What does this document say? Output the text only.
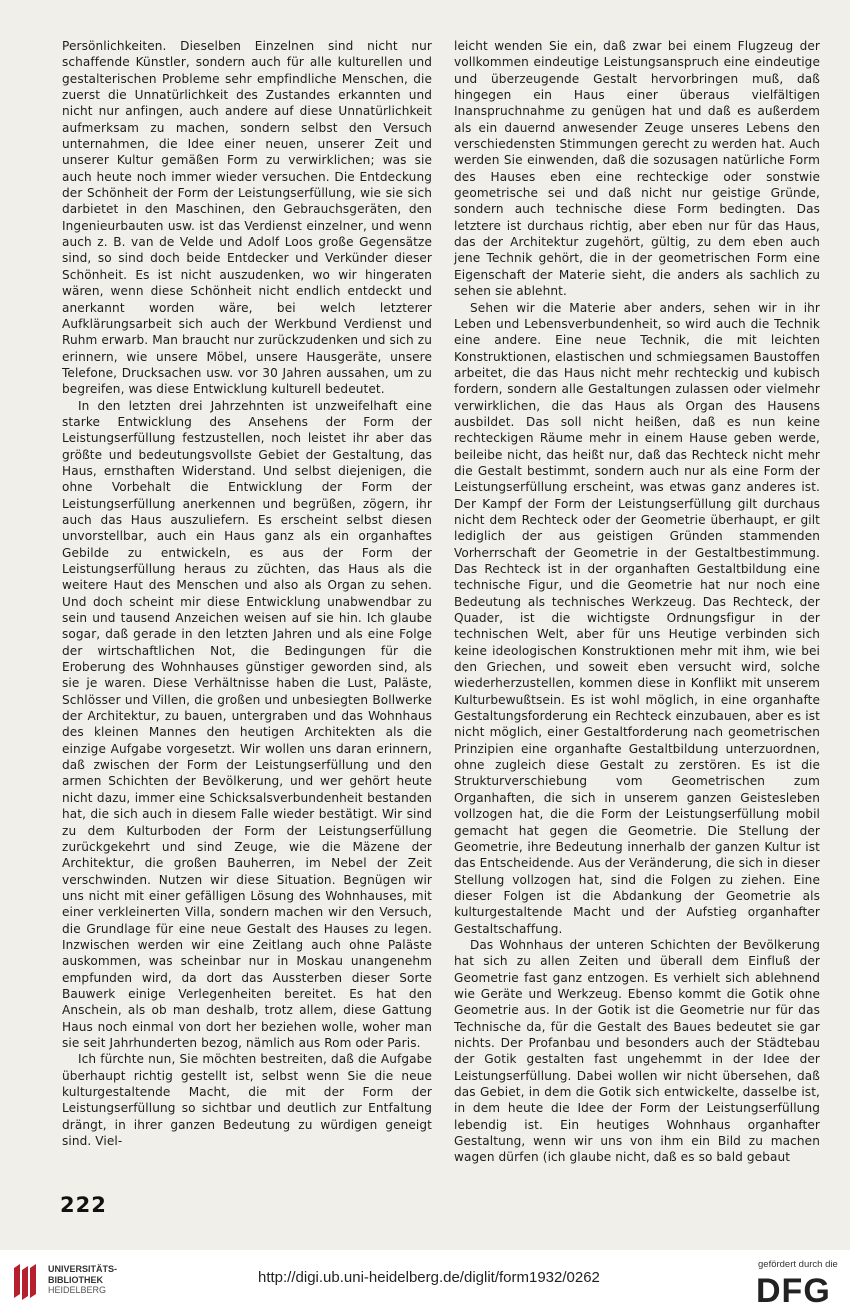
Persönlichkeiten. Dieselben Einzelnen sind nicht nur schaffende Künstler, sondern auch für alle kulturellen und gestalterischen Probleme sehr empfindliche Menschen, die zuerst die Unnatürlichkeit des Zustandes erkannten und nicht nur anfingen, auch andere auf diese Unnatürlichkeit aufmerksam zu machen, sondern selbst den Versuch unternahmen, die Idee einer neuen, unserer Zeit und unserer Kultur gemäßen Form zu verwirklichen; was sie auch heute noch immer wieder versuchen. Die Entdeckung der Schönheit der Form der Leistungserfüllung, wie sie sich darbietet in den Maschinen, den Gebrauchsgeräten, den Ingenieurbauten usw. ist das Verdienst einzelner, und wenn auch z. B. van de Velde und Adolf Loos große Gegensätze sind, so sind doch beide Entdecker und Verkünder dieser Schönheit. Es ist nicht auszudenken, wo wir hingeraten wären, wenn diese Schönheit nicht endlich entdeckt und anerkannt worden wäre, bei welch letzterer Aufklärungsarbeit sich auch der Werkbund Verdienst und Ruhm erwarb. Man braucht nur zurückzudenken und sich zu erinnern, wie unsere Möbel, unsere Hausgeräte, unsere Telefone, Drucksachen usw. vor 30 Jahren aussahen, um zu begreifen, was diese Entwicklung kulturell bedeutet.

In den letzten drei Jahrzehnten ist unzweifelhaft eine starke Entwicklung des Ansehens der Form der Leistungserfüllung festzustellen, noch leistet ihr aber das größte und bedeutungsvollste Gebiet der Gestaltung, das Haus, ernsthaften Widerstand. Und selbst diejenigen, die ohne Vorbehalt die Entwicklung der Form der Leistungserfüllung anerkennen und begrüßen, zögern, ihr auch das Haus auszuliefern. Es erscheint selbst diesen unvorstellbar, auch ein Haus ganz als ein organhaftes Gebilde zu entwickeln, es aus der Form der Leistungserfüllung heraus zu züchten, das Haus als die weitere Haut des Menschen und also als Organ zu sehen. Und doch scheint mir diese Entwicklung unabwendbar zu sein und tausend Anzeichen weisen auf sie hin. Ich glaube sogar, daß gerade in den letzten Jahren und als eine Folge der wirtschaftlichen Not, die Bedingungen für die Eroberung des Wohnhauses günstiger geworden sind, als sie je waren. Diese Verhältnisse haben die Lust, Paläste, Schlösser und Villen, die großen und unbesiegten Bollwerke der Architektur, zu bauen, untergraben und das Wohnhaus des kleinen Mannes den heutigen Architekten als die einzige Aufgabe vorgesetzt. Wir wollen uns daran erinnern, daß zwischen der Form der Leistungserfüllung und den armen Schichten der Bevölkerung, und wer gehört heute nicht dazu, immer eine Schicksalsverbundenheit bestanden hat, die sich auch in diesem Falle wieder bestätigt. Wir sind zu dem Kulturboden der Form der Leistungserfüllung zurückgekehrt und sind Zeuge, wie die Mäzene der Architektur, die großen Bauherren, im Nebel der Zeit verschwinden. Nutzen wir diese Situation. Begnügen wir uns nicht mit einer gefälligen Lösung des Wohnhauses, mit einer verkleinerten Villa, sondern machen wir den Versuch, die Grundlage für eine neue Gestalt des Hauses zu legen. Inzwischen werden wir eine Zeitlang auch ohne Paläste auskommen, was scheinbar nur in Moskau unangenehm empfunden wird, da dort das Aussterben dieser Sorte Bauwerk einige Verlegenheiten bereitet. Es hat den Anschein, als ob man deshalb, trotz allem, diese Gattung Haus noch einmal von dort her beziehen wolle, woher man sie seit Jahrhunderten bezog, nämlich aus Rom oder Paris.

Ich fürchte nun, Sie möchten bestreiten, daß die Aufgabe überhaupt richtig gestellt ist, selbst wenn Sie die neue kulturgestaltende Macht, die mit der Form der Leistungserfüllung so sichtbar und deutlich zur Entfaltung drängt, in ihrer ganzen Bedeutung zu würdigen geneigt sind. Viel-

leicht wenden Sie ein, daß zwar bei einem Flugzeug der vollkommen eindeutige Leistungsanspruch eine eindeutige und überzeugende Gestalt hervorbringen muß, daß hingegen ein Haus einer überaus vielfältigen Inanspruchnahme zu genügen hat und daß es außerdem als ein dauernd anwesender Zeuge unseres Lebens den verschiedensten Stimmungen gerecht zu werden hat. Auch werden Sie einwenden, daß die sozusagen natürliche Form des Hauses eben eine rechteckige oder sonstwie geometrische sei und daß nicht nur geistige Gründe, sondern auch technische diese Form bedingten. Das letztere ist durchaus richtig, aber eben nur für das Haus, das der Architektur zugehört, gültig, zu dem eben auch jene Technik gehört, die in der geometrischen Form eine Eigenschaft der Materie sieht, die anders als sachlich zu sehen sie ablehnt.

Sehen wir die Materie aber anders, sehen wir in ihr Leben und Lebensverbundenheit, so wird auch die Technik eine andere. Eine neue Technik, die mit leichten Konstruktionen, elastischen und schmiegsamen Baustoffen arbeitet, die das Haus nicht mehr rechteckig und kubisch fordern, sondern alle Gestaltungen zulassen oder vielmehr verwirklichen, die das Haus als Organ des Hausens ausbildet. Das soll nicht heißen, daß es nun keine rechteckigen Räume mehr in einem Hause geben werde, beileibe nicht, das heißt nur, daß das Rechteck nicht mehr die Gestalt bestimmt, sondern auch nur als eine Form der Leistungserfüllung erscheint, was etwas ganz anderes ist. Der Kampf der Form der Leistungserfüllung gilt durchaus nicht dem Rechteck oder der Geometrie überhaupt, er gilt lediglich der aus geistigen Gründen stammenden Vorherrschaft der Geometrie in der Gestaltbestimmung. Das Rechteck ist in der organhaften Gestaltbildung eine technische Figur, und die Geometrie hat nur noch eine Bedeutung als technisches Werkzeug. Das Rechteck, der Quader, ist die wichtigste Ordnungsfigur in der technischen Welt, aber für uns Heutige verbinden sich keine ideologischen Konstruktionen mehr mit ihm, wie bei den Griechen, und soweit eben versucht wird, solche wiederherzustellen, kommen diese in Konflikt mit unserem Kulturbewußtsein. Es ist wohl möglich, in eine organhafte Gestaltungsforderung ein Rechteck einzubauen, aber es ist nicht möglich, einer Gestaltforderung nach geometrischen Prinzipien eine organhafte Gestaltbildung unterzuordnen, ohne zugleich diese Gestalt zu zerstören. Es ist die Strukturverschiebung vom Geometrischen zum Organhaften, die sich in unserem ganzen Geistesleben vollzogen hat, die die Form der Leistungserfüllung mobil gemacht hat gegen die Geometrie. Die Stellung der Geometrie, ihre Bedeutung innerhalb der ganzen Kultur ist das Entscheidende. Aus der Veränderung, die sich in dieser Stellung vollzogen hat, sind die Folgen zu ziehen. Eine dieser Folgen ist die Abdankung der Geometrie als kulturgestaltende Macht und der Aufstieg organhafter Gestaltschaffung.

Das Wohnhaus der unteren Schichten der Bevölkerung hat sich zu allen Zeiten und überall dem Einfluß der Geometrie fast ganz entzogen. Es verhielt sich ablehnend wie Geräte und Werkzeug. Ebenso kommt die Gotik ohne Geometrie aus. In der Gotik ist die Geometrie nur für das Technische da, für die Gestalt des Baues bedeutet sie gar nichts. Der Profanbau und besonders auch der Städtebau der Gotik gestalten fast ungehemmt in der Idee der Leistungserfüllung. Dabei wollen wir nicht übersehen, daß das Gebiet, in dem die Gotik sich entwickelte, dasselbe ist, in dem heute die Idee der Form der Leistungserfüllung lebendig ist. Ein heutiges Wohnhaus organhafter Gestaltung, wenn wir uns von ihm ein Bild zu machen wagen dürfen (ich glaube nicht, daß es so bald gebaut

222
UNIVERSITÄTS-
BIBLIOTHEK
HEIDELBERG
http://digi.ub.uni-heidelberg.de/diglit/form1932/0262
gefördert durch die
DFG
